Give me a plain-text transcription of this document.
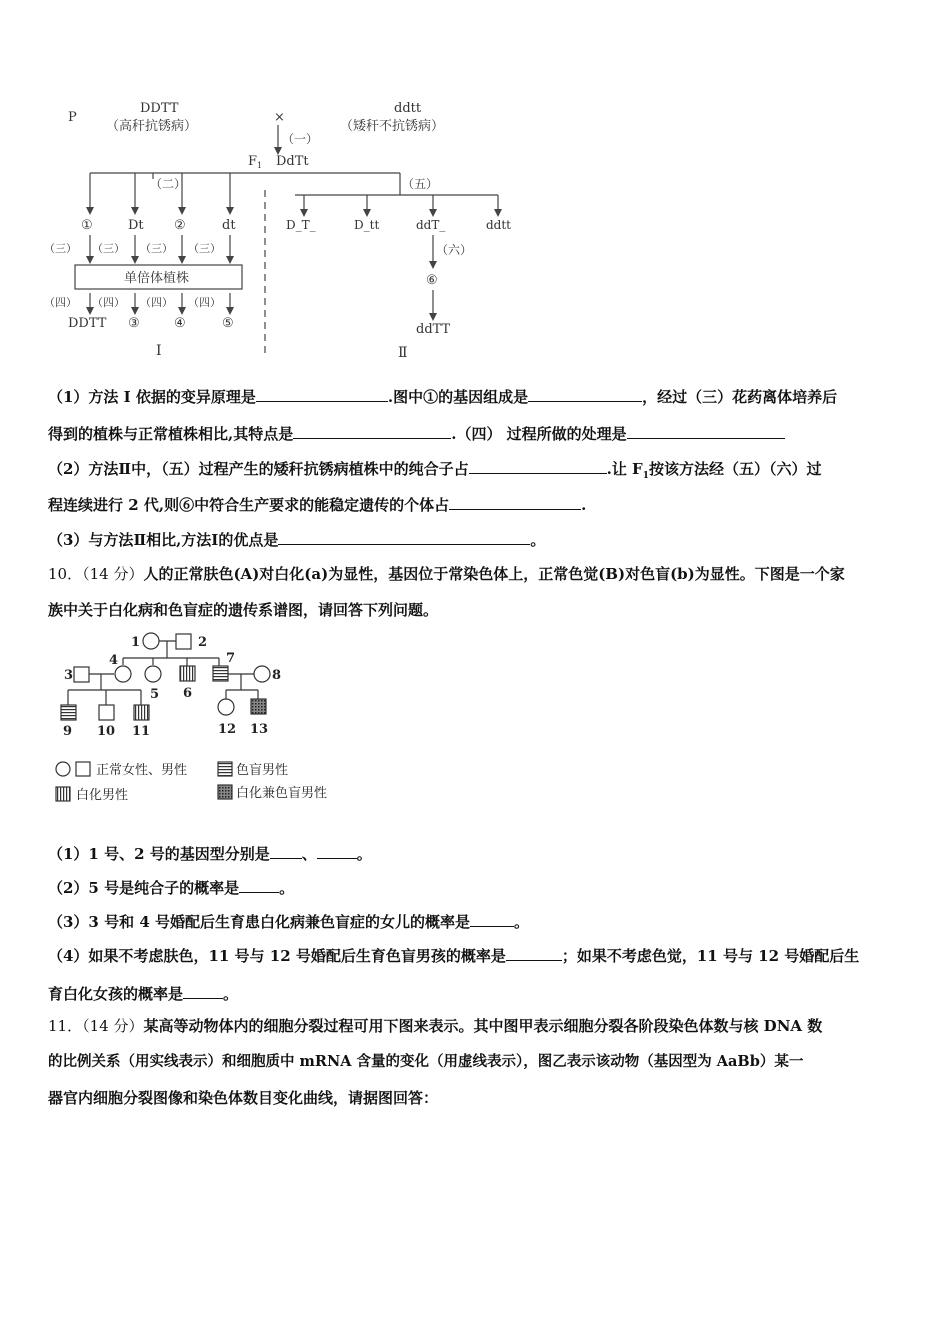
P
DDTT
（高秆抗锈病）
×
ddtt
（矮秆不抗锈病）
（一）
$F_1$ DdTt
（二）
①	Dt ②	dt
（三） （三） （三） （三）
单倍体植株
（四） （四） （四） （四）
DDTT ③	④	⑤
Ⅰ
（五）
D_T_	D_tt	ddT_	ddtt
（六）
⑥
ddTT
Ⅱ
（1）方法 I 依据的变异原理是	.图中①的基因组成是	，经过（三）花药离体培养后
得到的植株与正常植株相比,其特点是	.（四） 过程所做的处理是
（2）方法Ⅱ中，（五）过程产生的矮秆抗锈病植株中的纯合子占	.让 $F_1$按该方法经（五）（六）过
程连续进行 2 代,则⑥中符合生产要求的能稳定遗传的个体占	.
（3）与方法Ⅱ相比,方法Ⅰ的优点是	。
10．（14 分）人的正常肤色(A)对白化(a)为显性，基因位于常染色体上，正常色觉(B)对色盲(b)为显性。下图是一个家
族中关于白化病和色盲症的遗传系谱图，请回答下列问题。
1	2
3
4
5 6
7
8
9 10 11	12 13
正常女性、男性	色盲男性
白化男性	白化兼色盲男性
（1）1 号、2 号的基因型分别是 、	。
（2）5 号是纯合子的概率是	。
（3）3 号和 4 号婚配后生育患白化病兼色盲症的女儿的概率是	。
（4）如果不考虑肤色，11 号与 12 号婚配后生育色盲男孩的概率是	；如果不考虑色觉，11 号与 12 号婚配后生
育白化女孩的概率是	。
11．（14 分）某高等动物体内的细胞分裂过程可用下图来表示。其中图甲表示细胞分裂各阶段染色体数与核 DNA 数
的比例关系（用实线表示）和细胞质中 mRNA 含量的变化（用虚线表示），图乙表示该动物（基因型为 AaBb）某一
器官内细胞分裂图像和染色体数目变化曲线，请据图回答：
